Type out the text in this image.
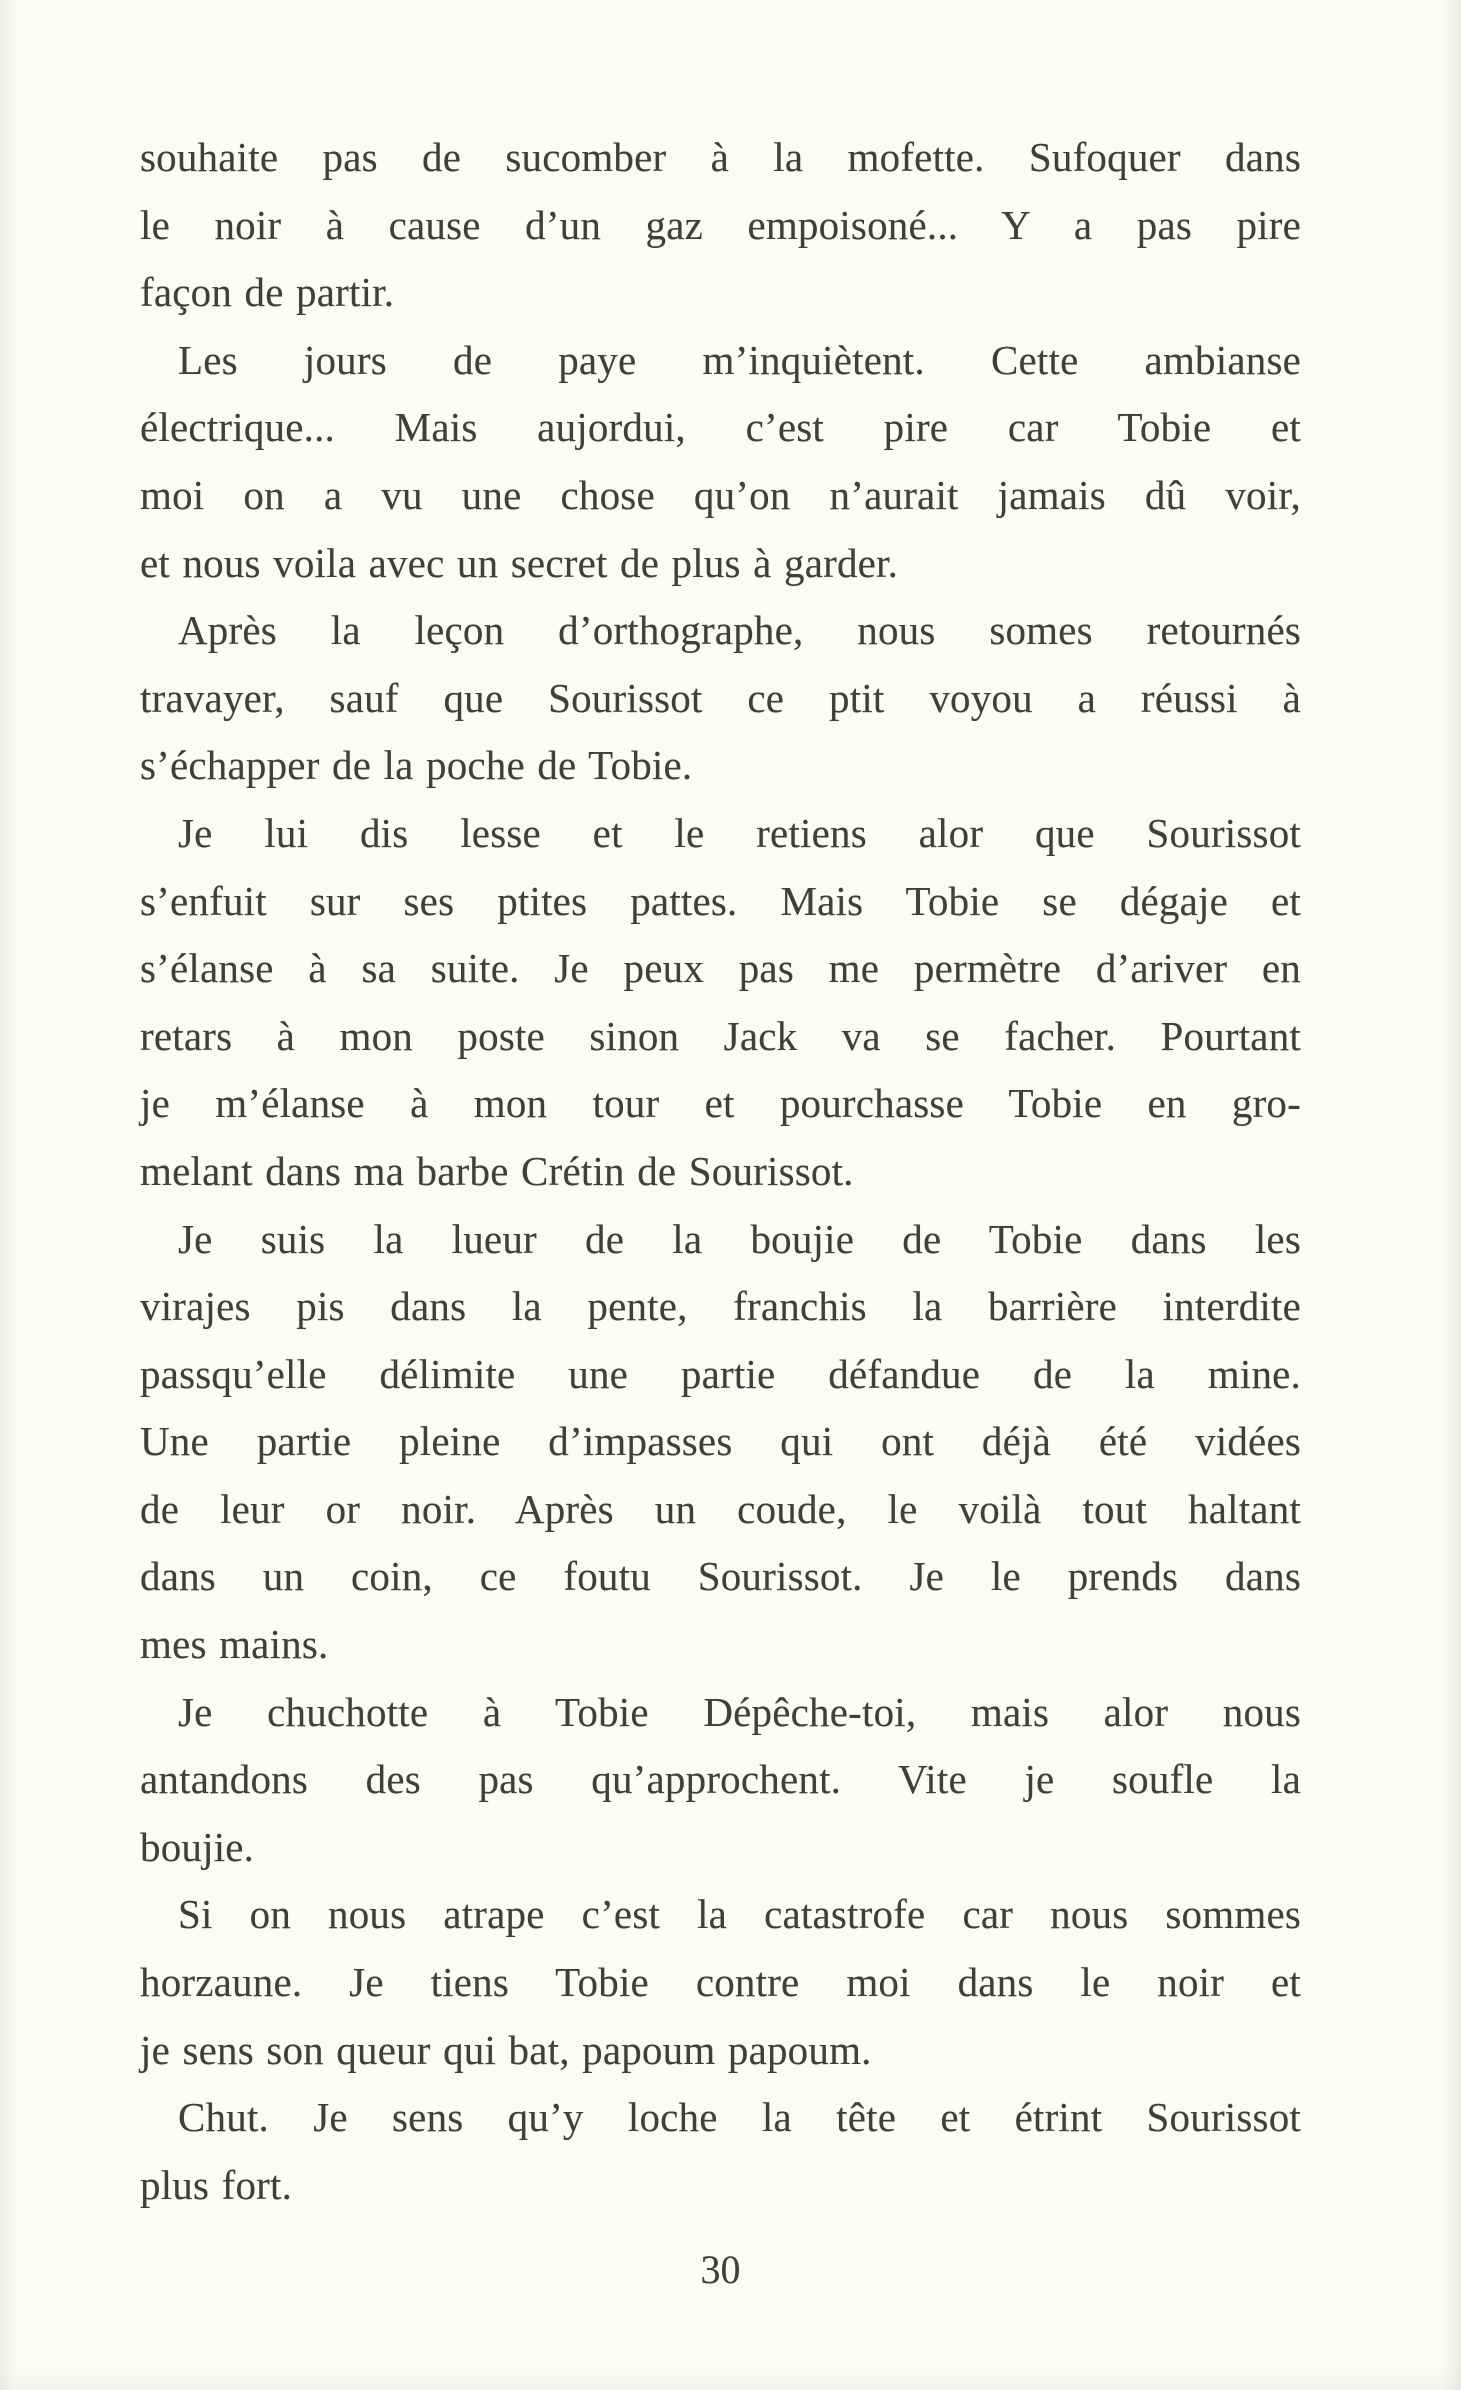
souhaite pas de sucomber à la mofette. Sufoquer dans
le noir à cause d’un gaz empoisoné... Y a pas pire
façon de partir.
Les jours de paye m’inquiètent. Cette ambianse
électrique... Mais aujordui, c’est pire car Tobie et
moi on a vu une chose qu’on n’aurait jamais dû voir,
et nous voila avec un secret de plus à garder.
Après la leçon d’orthographe, nous somes retournés
travayer, sauf que Sourissot ce ptit voyou a réussi à
s’échapper de la poche de Tobie.
Je lui dis lesse et le retiens alor que Sourissot
s’enfuit sur ses ptites pattes. Mais Tobie se dégaje et
s’élanse à sa suite. Je peux pas me permètre d’ariver en
retars à mon poste sinon Jack va se facher. Pourtant
je m’élanse à mon tour et pourchasse Tobie en gro-
melant dans ma barbe Crétin de Sourissot.
Je suis la lueur de la boujie de Tobie dans les
virajes pis dans la pente, franchis la barrière interdite
passqu’elle délimite une partie défandue de la mine.
Une partie pleine d’impasses qui ont déjà été vidées
de leur or noir. Après un coude, le voilà tout haltant
dans un coin, ce foutu Sourissot. Je le prends dans
mes mains.
Je chuchotte à Tobie Dépêche-toi, mais alor nous
antandons des pas qu’approchent. Vite je soufle la
boujie.
Si on nous atrape c’est la catastrofe car nous sommes
horzaune. Je tiens Tobie contre moi dans le noir et
je sens son queur qui bat, papoum papoum.
Chut. Je sens qu’y loche la tête et étrint Sourissot
plus fort.
30
